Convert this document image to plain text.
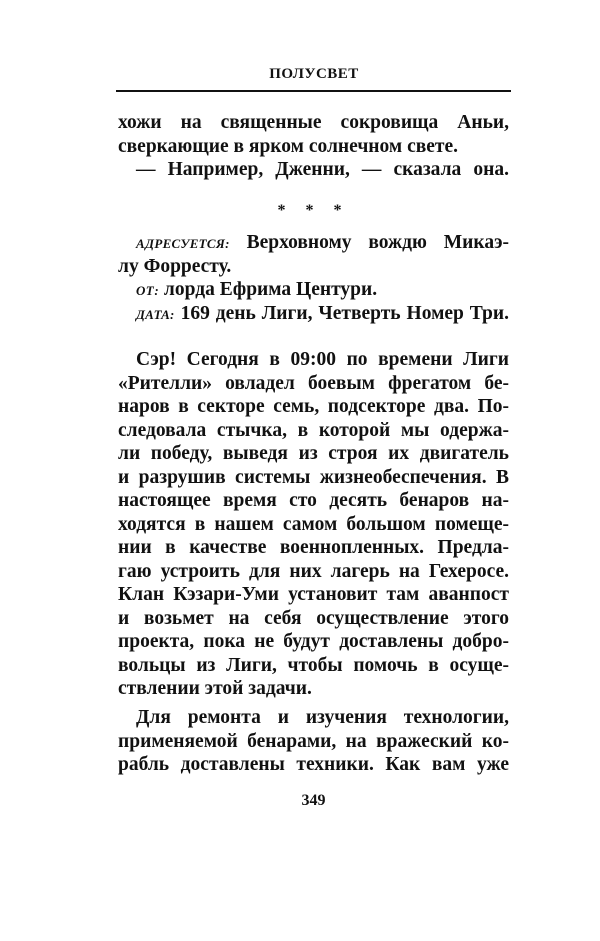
ПОЛУСВЕТ
хожи на священные сокровища Аньи,
сверкающие в ярком солнечном свете.
— Например, Дженни, — сказала она.
* * *
АДРЕСУЕТСЯ: Верховному вождю Микаэ-
лу Форресту.
ОТ: лорда Ефрима Центури.
ДАТА: 169 день Лиги, Четверть Номер Три.
Сэр! Сегодня в 09:00 по времени Лиги
«Рителли» овладел боевым фрегатом бе-
наров в секторе семь, подсекторе два. По-
следовала стычка, в которой мы одержа-
ли победу, выведя из строя их двигатель
и разрушив системы жизнеобеспечения. В
настоящее время сто десять бенаров на-
ходятся в нашем самом большом помеще-
нии в качестве военнопленных. Предла-
гаю устроить для них лагерь на Гехеросе.
Клан Кэзари-Уми установит там аванпост
и возьмет на себя осуществление этого
проекта, пока не будут доставлены добро-
вольцы из Лиги, чтобы помочь в осуще-
ствлении этой задачи.
Для ремонта и изучения технологии,
применяемой бенарами, на вражеский ко-
рабль доставлены техники. Как вам уже
349
